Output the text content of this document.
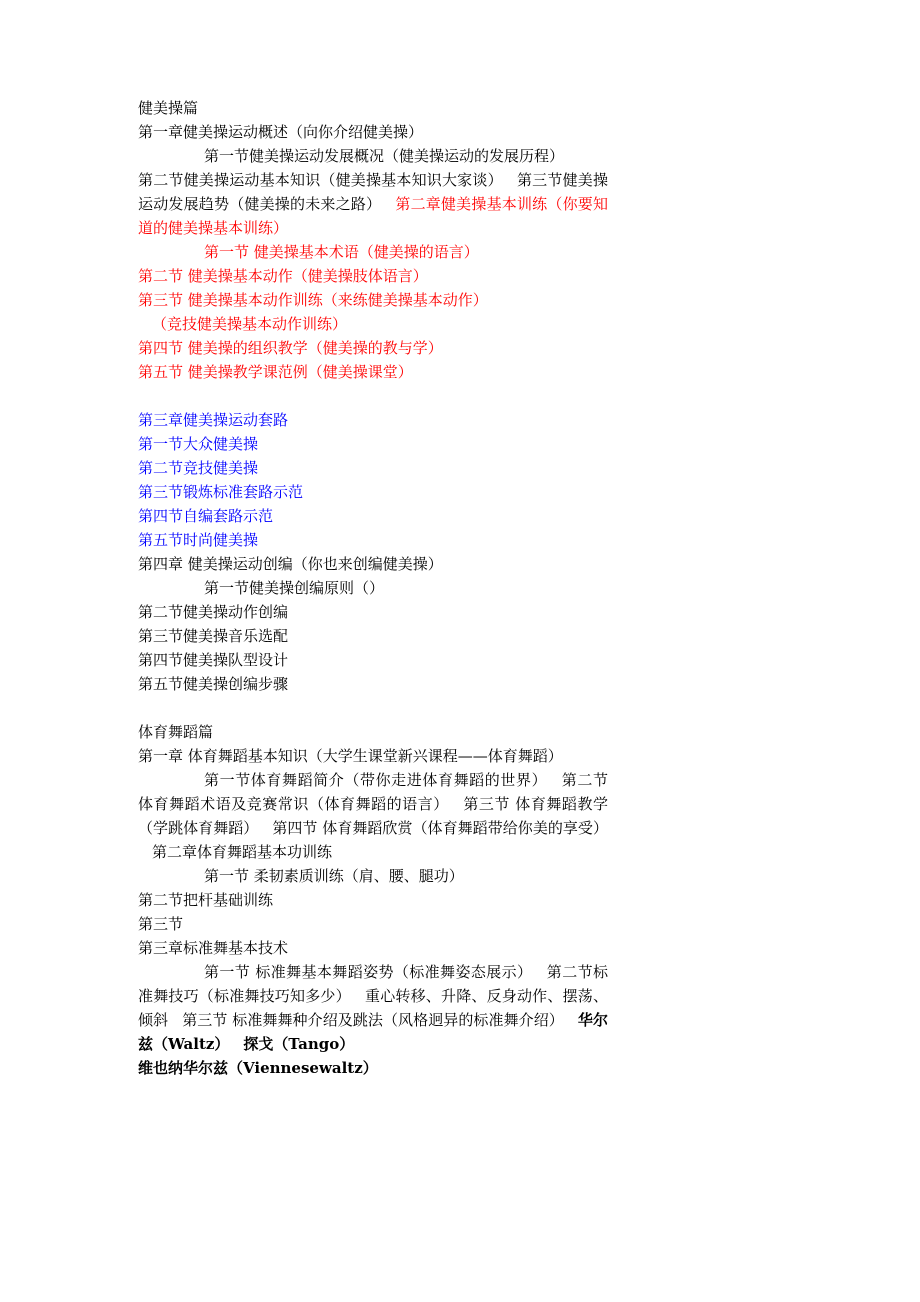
健美操篇
第一章健美操运动概述（向你介绍健美操）
第一节健美操运动发展概况（健美操运动的发展历程）
第二节健美操运动基本知识（健美操基本知识大家谈） 第三节健美操运动发展趋势（健美操的未来之路） 第二章健美操基本训练（你要知道的健美操基本训练）
第一节 健美操基本术语（健美操的语言）
第二节 健美操基本动作（健美操肢体语言）
第三节 健美操基本动作训练（来练健美操基本动作）
（竞技健美操基本动作训练）
第四节 健美操的组织教学（健美操的教与学）
第五节 健美操教学课范例（健美操课堂）
第三章健美操运动套路
第一节大众健美操
第二节竞技健美操
第三节锻炼标准套路示范
第四节自编套路示范
第五节时尚健美操
第四章 健美操运动创编（你也来创编健美操）
第一节健美操创编原则（）
第二节健美操动作创编
第三节健美操音乐选配
第四节健美操队型设计
第五节健美操创编步骤
体育舞蹈篇
第一章 体育舞蹈基本知识（大学生课堂新兴课程——体育舞蹈）
第一节体育舞蹈简介（带你走进体育舞蹈的世界） 第二节 体育舞蹈术语及竞赛常识（体育舞蹈的语言） 第三节 体育舞蹈教学（学跳体育舞蹈） 第四节 体育舞蹈欣赏（体育舞蹈带给你美的享受）第二章体育舞蹈基本功训练
第一节 柔韧素质训练（肩、腰、腿功）
第二节把杆基础训练
第三节
第三章标准舞基本技术
第一节 标准舞基本舞蹈姿势（标准舞姿态展示） 第二节标准舞技巧（标准舞技巧知多少） 重心转移、升降、反身动作、摆荡、倾斜 第三节 标准舞舞种介绍及跳法（风格迥异的标准舞介绍） 华尔兹（Waltz） 探戈（Tango）
维也纳华尔兹（Viennesewaltz）
